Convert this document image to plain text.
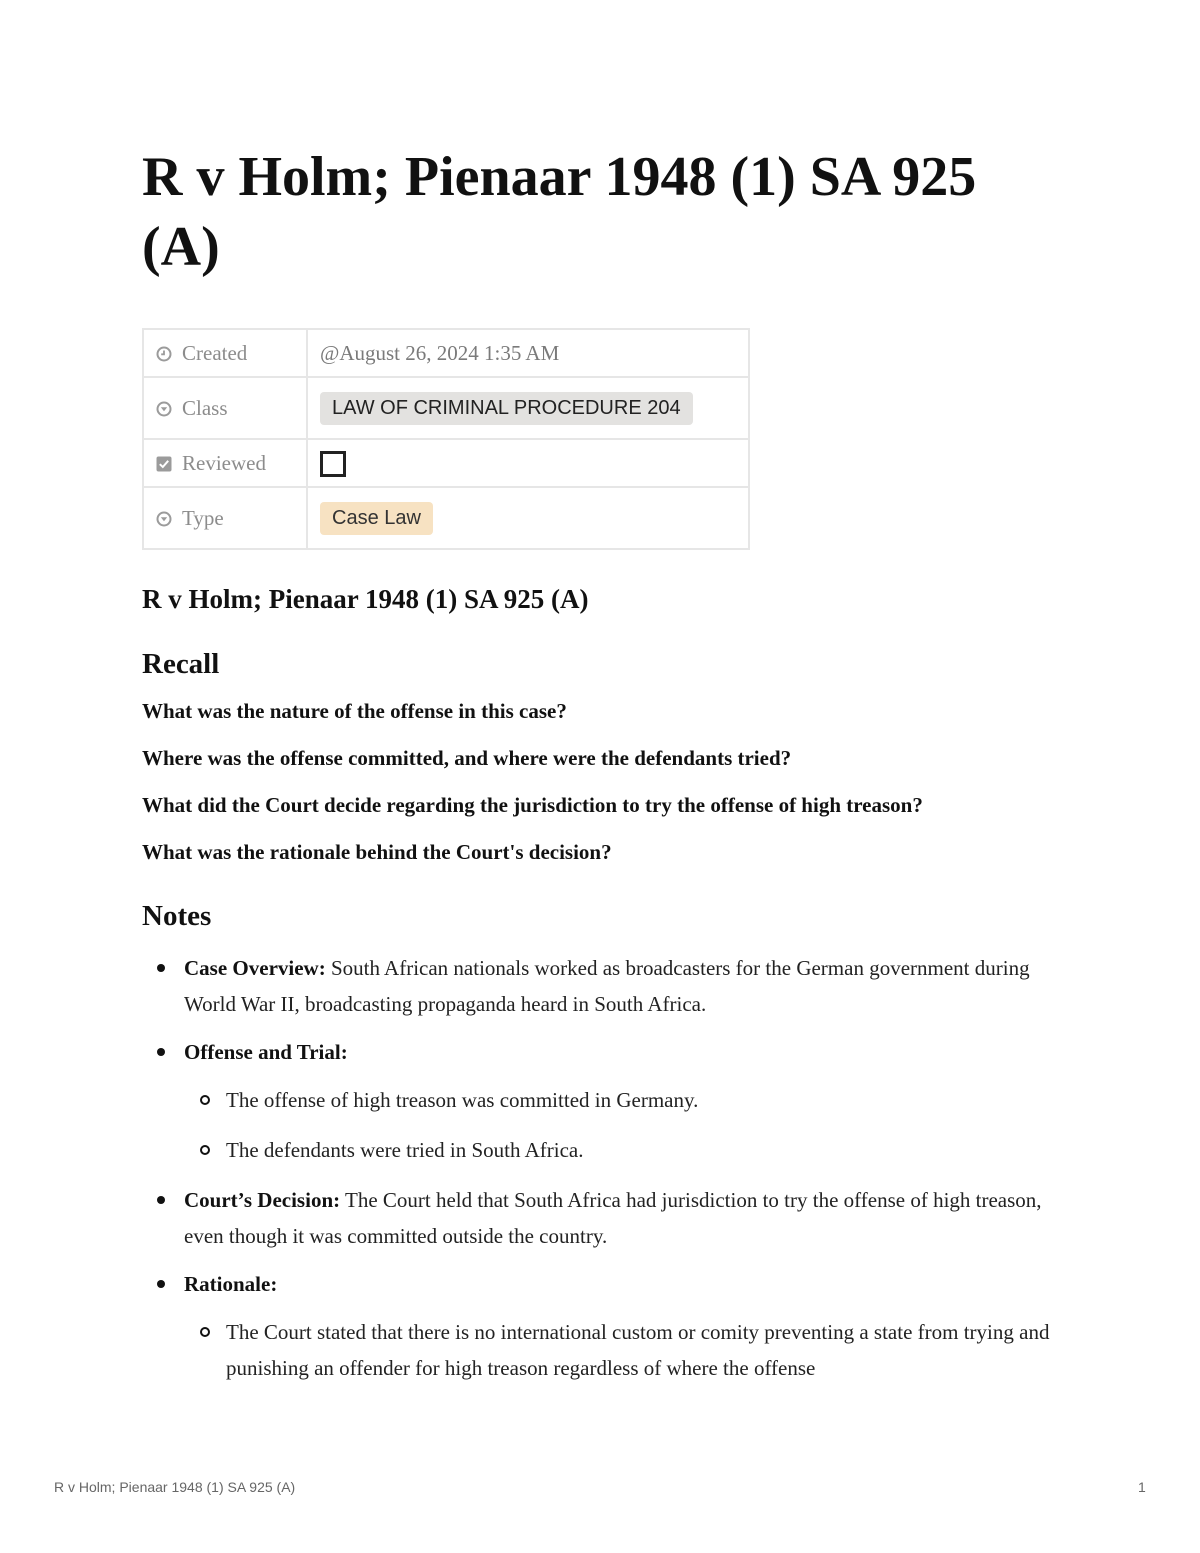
R v Holm; Pienaar 1948 (1) SA 925 (A)
Created	@August 26, 2024 1:35 AM
Class	LAW OF CRIMINAL PROCEDURE 204
Reviewed	
Type	Case Law
R v Holm; Pienaar 1948 (1) SA 925 (A)
Recall

What was the nature of the offense in this case?

Where was the offense committed, and where were the defendants tried?

What did the Court decide regarding the jurisdiction to try the offense of high treason?

What was the rationale behind the Court's decision?

Notes
Case Overview: South African nationals worked as broadcasters for the German government during World War II, broadcasting propaganda heard in South Africa.
Offense and Trial:
The offense of high treason was committed in Germany.
The defendants were tried in South Africa.
Court’s Decision: The Court held that South Africa had jurisdiction to try the offense of high treason, even though it was committed outside the country.
Rationale:
The Court stated that there is no international custom or comity preventing a state from trying and punishing an offender for high treason regardless of where the offense
R v Holm; Pienaar 1948 (1) SA 925 (A)	1
